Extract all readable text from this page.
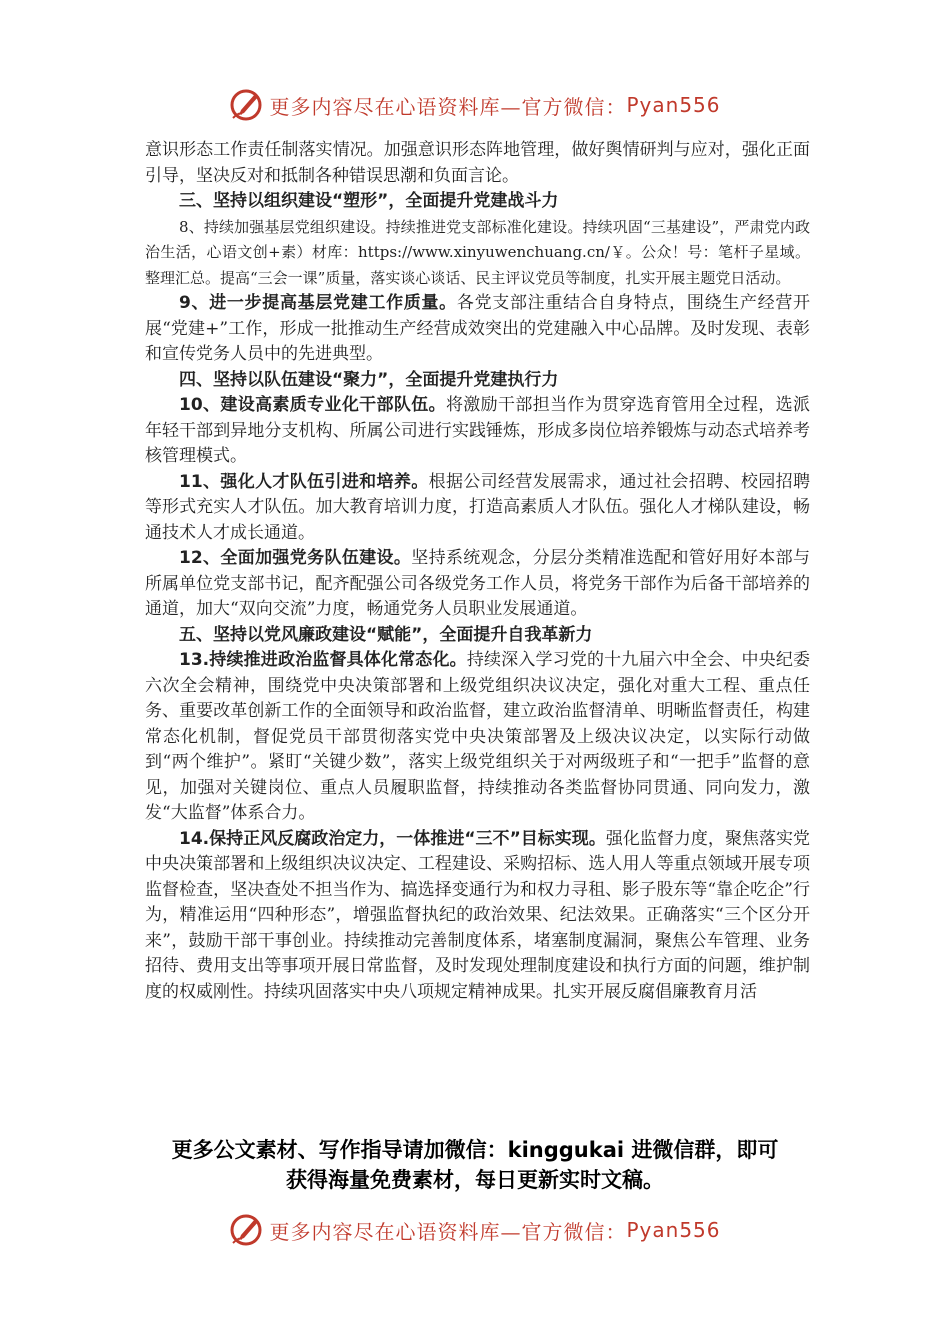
更多内容尽在心语资料库—官方微信： Pyan556

意识形态工作责任制落实情况。加强意识形态阵地管理，做好舆情研判与应对，强化正面引导，坚决反对和抵制各种错误思潮和负面言论。

三、坚持以组织建设“塑形”，全面提升党建战斗力

8、持续加强基层党组织建设。持续推进党支部标准化建设。持续巩固“三基建设”，严肃党内政治生活，心语文创+素）材库：https://www.xinyuwenchuang.cn/￥。公众！号：笔杆子星域。整理汇总。提高“三会一课”质量，落实谈心谈话、民主评议党员等制度，扎实开展主题党日活动。

9、进一步提高基层党建工作质量。各党支部注重结合自身特点，围绕生产经营开展“党建+”工作，形成一批推动生产经营成效突出的党建融入中心品牌。及时发现、表彰和宣传党务人员中的先进典型。

四、坚持以队伍建设“聚力”，全面提升党建执行力

10、建设高素质专业化干部队伍。将激励干部担当作为贯穿选育管用全过程，选派年轻干部到异地分支机构、所属公司进行实践锤炼，形成多岗位培养锻炼与动态式培养考核管理模式。

11、强化人才队伍引进和培养。根据公司经营发展需求，通过社会招聘、校园招聘等形式充实人才队伍。加大教育培训力度，打造高素质人才队伍。强化人才梯队建设，畅通技术人才成长通道。

12、全面加强党务队伍建设。坚持系统观念，分层分类精准选配和管好用好本部与所属单位党支部书记，配齐配强公司各级党务工作人员，将党务干部作为后备干部培养的通道，加大“双向交流”力度，畅通党务人员职业发展通道。

五、坚持以党风廉政建设“赋能”，全面提升自我革新力

13.持续推进政治监督具体化常态化。持续深入学习党的十九届六中全会、中央纪委六次全会精神，围绕党中央决策部署和上级党组织决议决定，强化对重大工程、重点任务、重要改革创新工作的全面领导和政治监督，建立政治监督清单、明晰监督责任，构建常态化机制，督促党员干部贯彻落实党中央决策部署及上级决议决定，以实际行动做到“两个维护”。紧盯“关键少数”，落实上级党组织关于对两级班子和“一把手”监督的意见，加强对关键岗位、重点人员履职监督，持续推动各类监督协同贯通、同向发力，激发“大监督”体系合力。

14.保持正风反腐政治定力，一体推进“三不”目标实现。强化监督力度，聚焦落实党中央决策部署和上级组织决议决定、工程建设、采购招标、选人用人等重点领域开展专项监督检查，坚决查处不担当作为、搞选择变通行为和权力寻租、影子股东等“靠企吃企”行为，精准运用“四种形态”，增强监督执纪的政治效果、纪法效果。正确落实“三个区分开来”，鼓励干部干事创业。持续推动完善制度体系，堵塞制度漏洞，聚焦公车管理、业务招待、费用支出等事项开展日常监督，及时发现处理制度建设和执行方面的问题，维护制度的权威刚性。持续巩固落实中央八项规定精神成果。扎实开展反腐倡廉教育月活

更多公文素材、写作指导请加微信：kinggukai 进微信群，即可
获得海量免费素材，每日更新实时文稿。
更多内容尽在心语资料库—官方微信： Pyan556
